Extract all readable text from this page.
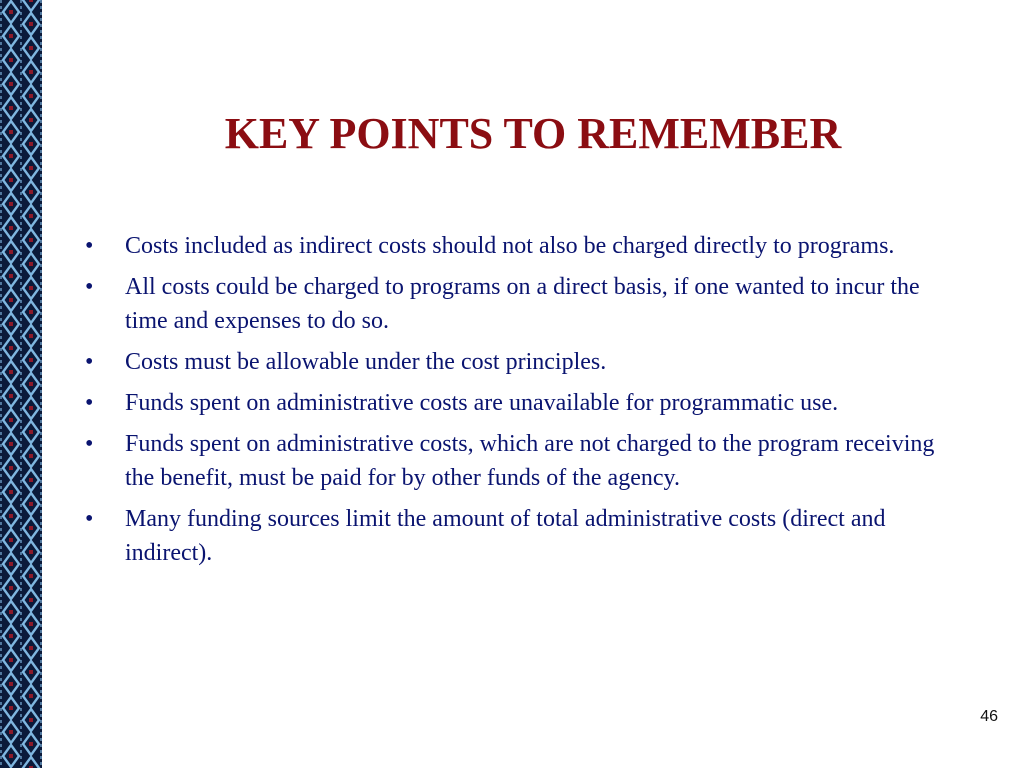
KEY POINTS TO REMEMBER
• Costs included as indirect costs should not also be charged directly to programs.
• All costs could be charged to programs on a direct basis, if one wanted to incur the time and expenses to do so.
• Costs must be allowable under the cost principles.
• Funds spent on administrative costs are unavailable for programmatic use.
• Funds spent on administrative costs, which are not charged to the program receiving the benefit, must be paid for by other funds of the agency.
• Many funding sources limit the amount of total administrative costs (direct and indirect).
46
